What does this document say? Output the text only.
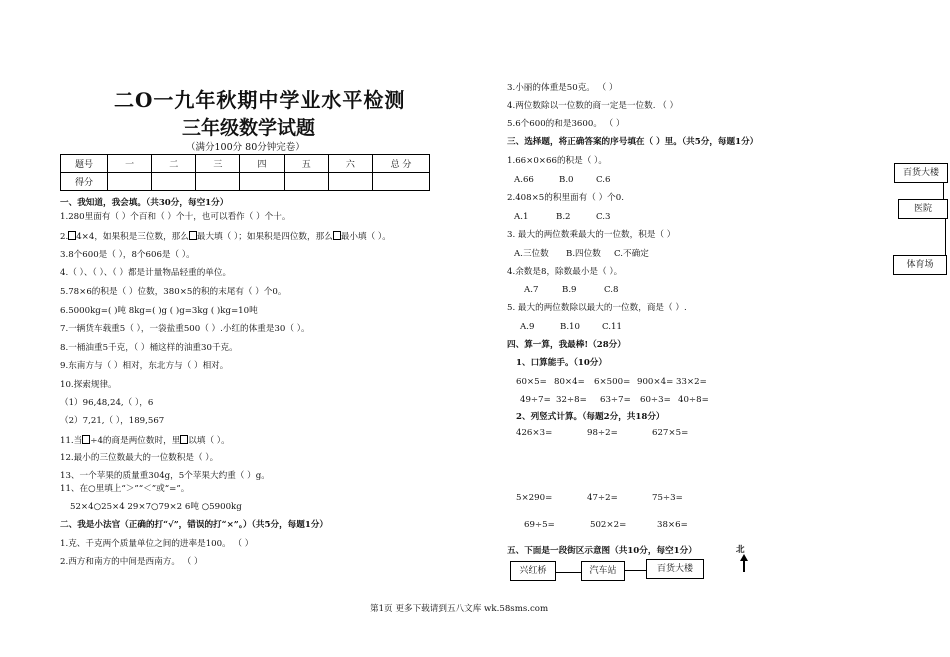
二O一九年秋期中学业水平检测
三年级数学试题
（满分100分 80分钟完卷）
题号	一	二	三	四	五	六	总 分
得分							
一、我知道，我会填。（共30分，每空1分）
1.280里面有（ ）个百和（ ）个十，也可以看作（ ）个十。
2. 4×4，如果积是三位数，那么 最大填（ ）；如果积是四位数，那么 最小填（ ）。
3.8个600是（ ），8个606是（ ）。
4.（ ）、（ ）、（ ）都是计量物品轻重的单位。
5.78×6的积是（ ）位数，380×5的积的末尾有（ ）个0。
6.5000kg=( )吨 8kg=( )g ( )g=3kg ( )kg=10吨
7.一辆货车载重5（ ），一袋盐重500（ ）.小红的体重是30（ ）。
8.一桶油重5千克，（ ）桶这样的油重30千克。
9.东南方与（ ）相对，东北方与（ ）相对。
10.探索规律。
（1）96,48,24,（ ），6
（2）7,21,（ ），189,567
11.当 ÷4的商是两位数时，里 以填（ ）。
12.最小的三位数最大的一位数积是（ ）。
13、一个苹果的质量重304g，5个苹果大约重（ ）g。
11、在○里填上“＞”“＜”或“=”。
52×4○25×4 29×7○79×2 6吨 ○5900kg
二、我是小法官（正确的打“√”，错误的打“×”。）（共5分，每题1分）
1.克、千克两个质量单位之间的进率是100。 （ ）
2.西方和南方的中间是西南方。 （ ）
3.小丽的体重是50克。 （ ）
4.两位数除以一位数的商一定是一位数. （ ）
5.6个600的和是3600。 （ ）
三、选择题，将正确答案的序号填在（ ）里。（共5分，每题1分）
1.66×0×66的积是（ ）。
A.66	B.0	C.6
2.408×5的积里面有（ ）个0.
A.1	B.2	C.3
3. 最大的两位数乘最大的一位数，积是（ ）
A.三位数 B.四位数 C.不确定
4.余数是8，除数最小是（ ）。
A.7	B.9	C.8
5. 最大的两位数除以最大的一位数，商是（ ）.
A.9	B.10	C.11
四、算一算，我最棒!（28分）
1、口算能手。（10分）
60×5= 80×4= 6×500= 900×4= 33×2=
49÷7= 32÷8= 63÷7= 60÷3= 40÷8=
2、列竖式计算。（每题2分，共18分）
426×3=	98÷2=	627×5=
5×290=	47÷2=	75÷3=
69÷5=	502×2=	38×6=
五、下面是一段街区示意图（共10分，每空1分）	北
兴红桥	汽车站	百货大楼
百货大楼
医院
体育场
第1页 更多下载请到五八文库 wk.58sms.com
